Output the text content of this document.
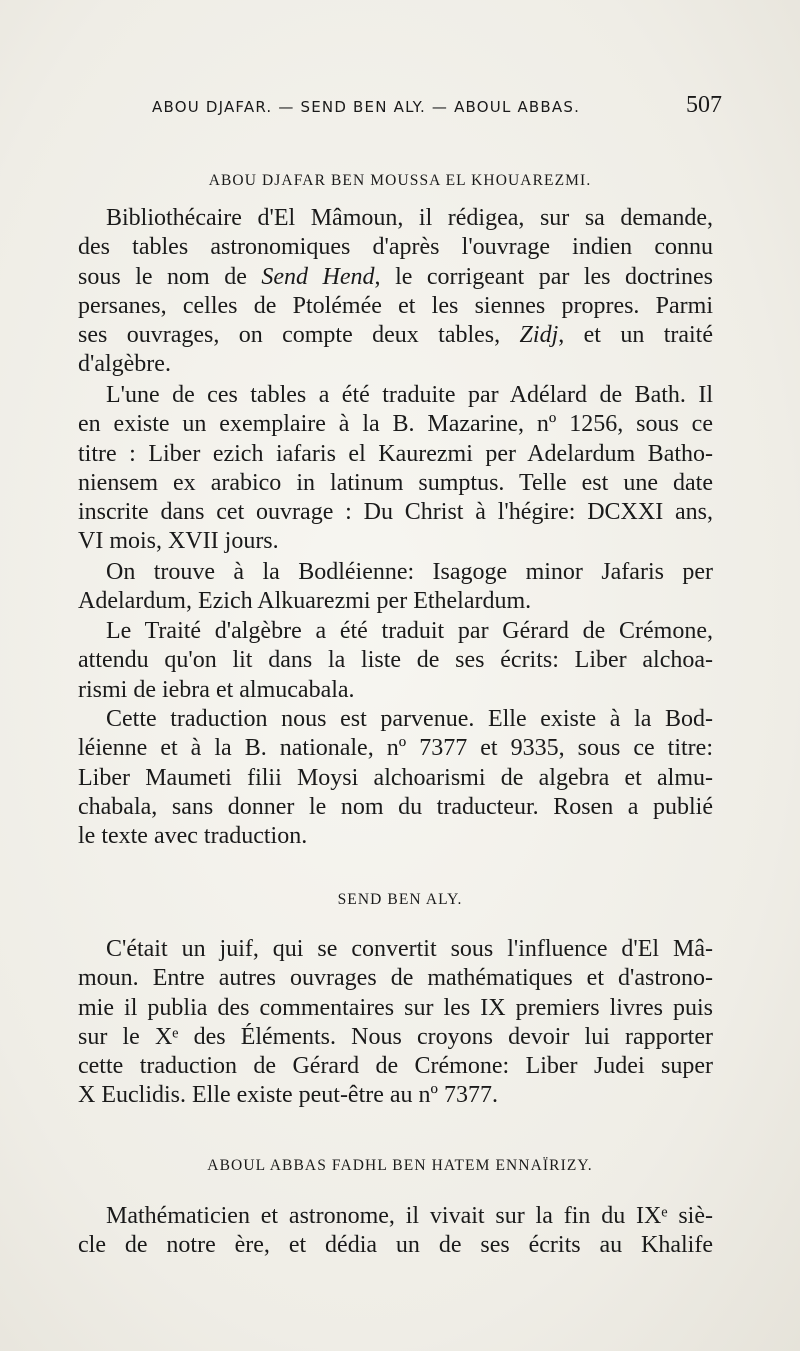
ABOU DJAFAR. — SEND BEN ALY. — ABOUL ABBAS.	507
ABOU DJAFAR BEN MOUSSA EL KHOUAREZMI.
Bibliothécaire d'El Mâmoun, il rédigea, sur sa demande,
des tables astronomiques d'après l'ouvrage indien connu
sous le nom de Send Hend, le corrigeant par les doctrines
persanes, celles de Ptolémée et les siennes propres. Parmi
ses ouvrages, on compte deux tables, Zidj, et un traité
d'algèbre.
L'une de ces tables a été traduite par Adélard de Bath. Il
en existe un exemplaire à la B. Mazarine, nº 1256, sous ce
titre : Liber ezich iafaris el Kaurezmi per Adelardum Batho-
niensem ex arabico in latinum sumptus. Telle est une date
inscrite dans cet ouvrage : Du Christ à l'hégire: DCXXI ans,
VI mois, XVII jours.
On trouve à la Bodléienne: Isagoge minor Jafaris per
Adelardum, Ezich Alkuarezmi per Ethelardum.
Le Traité d'algèbre a été traduit par Gérard de Crémone,
attendu qu'on lit dans la liste de ses écrits: Liber alchoa-
rismi de iebra et almucabala.
Cette traduction nous est parvenue. Elle existe à la Bod-
léienne et à la B. nationale, nº 7377 et 9335, sous ce titre:
Liber Maumeti filii Moysi alchoarismi de algebra et almu-
chabala, sans donner le nom du traducteur. Rosen a publié
le texte avec traduction.
SEND BEN ALY.
C'était un juif, qui se convertit sous l'influence d'El Mâ-
moun. Entre autres ouvrages de mathématiques et d'astrono-
mie il publia des commentaires sur les IX premiers livres puis
sur le Xᵉ des Éléments. Nous croyons devoir lui rapporter
cette traduction de Gérard de Crémone: Liber Judei super
X Euclidis. Elle existe peut-être au nº 7377.
ABOUL ABBAS FADHL BEN HATEM ENNAÏRIZY.
Mathématicien et astronome, il vivait sur la fin du IXᵉ siè-
cle de notre ère, et dédia un de ses écrits au Khalife
